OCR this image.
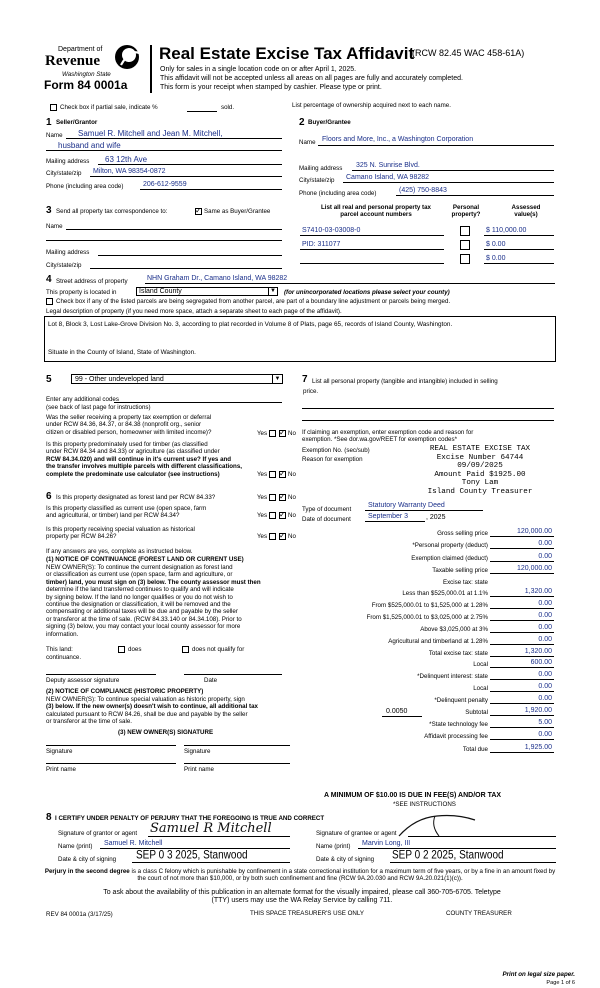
Department of
Revenue
Washington State
Form 84 0001a
Real Estate Excise Tax Affidavit
(RCW 82.45 WAC 458-61A)
Only for sales in a single location code on or after April 1, 2025.
This affidavit will not be accepted unless all areas on all pages are fully and accurately completed.
This form is your receipt when stamped by cashier. Please type or print.
Check box if partial sale, indicate %	sold.	List percentage of ownership acquired next to each name.
1 Seller/Grantor
Name Samuel R. Mitchell and Jean M. Mitchell,
husband and wife
Mailing address 63 12th Ave
City/state/zip Milton, WA 98354-0872
Phone (including area code)	206-612-9559
2 Buyer/Grantee
Name Floors and More, Inc., a Washington Corporation
Mailing address 325 N. Sunrise Blvd.
City/state/zip Camano Island, WA 98282
Phone (including area code)	(425) 750-8843
3 Send all property tax correspondence to: ✓	Same as Buyer/Grantee
Name
Mailing address
City/state/zip
List all real and personal property tax
parcel account numbers
Personal
property?
Assessed
value(s)
S7410-03-03008-0	$ 110,000.00
PID: 311077	$ 0.00
$ 0.00
4 Street address of property	NHN Graham Dr., Camano Island, WA 98282
This property is located in	Island County	▼ (for unincorporated locations please select your county)
Check box if any of the listed parcels are being segregated from another parcel, are part of a boundary line adjustment or parcels being merged.
Legal description of property (if you need more space, attach a separate sheet to each page of the affidavit).
Lot 8, Block 3, Lost Lake-Grove Division No. 3, according to plat recorded in Volume 8 of Plats, page 65, records of Island County, Washington.
Situate in the County of Island, State of Washington.
5	99 - Other undeveloped land	▼
Enter any additional codes
(see back of last page for instructions)
Was the seller receiving a property tax exemption or deferral
under RCW 84.36, 84.37, or 84.38 (nonprofit org., senior
citizen or disabled person, homeowner with limited income)?	Yes ✓	No
Is this property predominately used for timber (as classified
under RCW 84.34 and 84.33) or agriculture (as classified under
RCW 84.34.020) and will continue in it's current use? If yes and
the transfer involves multiple parcels with different classifications,
complete the predominate use calculator (see instructions)	Yes ✓	No
6 Is this property designated as forest land per RCW 84.33?	Yes ✓	No
Is this property classified as current use (open space, farm
and agricultural, or timber) land per RCW 84.34?	Yes ✓	No
Is this property receiving special valuation as historical
property per RCW 84.26?	Yes ✓	No
If any answers are yes, complete as instructed below.
(1) NOTICE OF CONTINUANCE (FOREST LAND OR CURRENT USE)
NEW OWNER(S): To continue the current designation as forest land
or classification as current use (open space, farm and agriculture, or
timber) land, you must sign on (3) below. The county assessor must then
determine if the land transferred continues to qualify and will indicate
by signing below. If the land no longer qualifies or you do not wish to
continue the designation or classification, it will be removed and the
compensating or additional taxes will be due and payable by the seller
or transferor at the time of sale. (RCW 84.33.140 or 84.34.108). Prior to
signing (3) below, you may contact your local county assessor for more
information.
This land:	does	does not qualify for
continuance.
Deputy assessor signature	Date
(2) NOTICE OF COMPLIANCE (HISTORIC PROPERTY)
NEW OWNER(S): To continue special valuation as historic property, sign
(3) below. If the new owner(s) doesn't wish to continue, all additional tax
calculated pursuant to RCW 84.26, shall be due and payable by the seller
or transferor at the time of sale.
(3) NEW OWNER(S) SIGNATURE
Signature	Signature
Print name	Print name
7 List all personal property (tangible and intangible) included in selling
price.
If claiming an exemption, enter exemption code and reason for
exemption. *See dor.wa.gov/REET for exemption codes*
Exemption No. (sec/sub)
Reason for exemption
REAL ESTATE EXCISE TAX
Excise Number 64744
09/09/2025
Amount Paid $1925.00
Tony Lam
Island County Treasurer
Type of document
Statutory Warranty Deed
Date of document September 3	, 2025
Gross selling price	120,000.00
*Personal property (deduct)	0.00
Exemption claimed (deduct)	0.00
Taxable selling price	120,000.00
Excise tax: state
Less than $525,000.01 at 1.1%	1,320.00
From $525,000.01 to $1,525,000 at 1.28%	0.00
From $1,525,000.01 to $3,025,000 at 2.75%	0.00
Above $3,025,000 at 3%	0.00
Agricultural and timberland at 1.28%	0.00
Total excise tax: state	1,320.00
Local	600.00
*Delinquent interest: state	0.00
Local	0.00
*Delinquent penalty	0.00
Subtotal	1,920.00
*State technology fee	5.00
Affidavit processing fee	0.00
Total due	1,925.00
0.0050
A MINIMUM OF $10.00 IS DUE IN FEE(S) AND/OR TAX
*SEE INSTRUCTIONS
8 I CERTIFY UNDER PENALTY OF PERJURY THAT THE FOREGOING IS TRUE AND CORRECT
Signature of grantor or agent Samuel R Mitchell
Name (print) Samuel R. Mitchell
Date & city of signing SEP 0 3 2025, Stanwood
Signature of grantee or agent
Name (print) Marvin Long, III
Date & city of signing SEP 0 2 2025, Stanwood
Perjury in the second degree is a class C felony which is punishable by confinement in a state correctional institution for a maximum term of five years, or by a fine in an amount fixed by the court of not more than $10,000, or by both such confinement and fine (RCW 9A.20.030 and RCW 9A.20.021(1)(c)).
To ask about the availability of this publication in an alternate format for the visually impaired, please call 360-705-6705. Teletype
(TTY) users may use the WA Relay Service by calling 711.
REV 84 0001a (3/17/25)	THIS SPACE TREASURER'S USE ONLY	COUNTY TREASURER
Print on legal size paper.
Page 1 of 6
